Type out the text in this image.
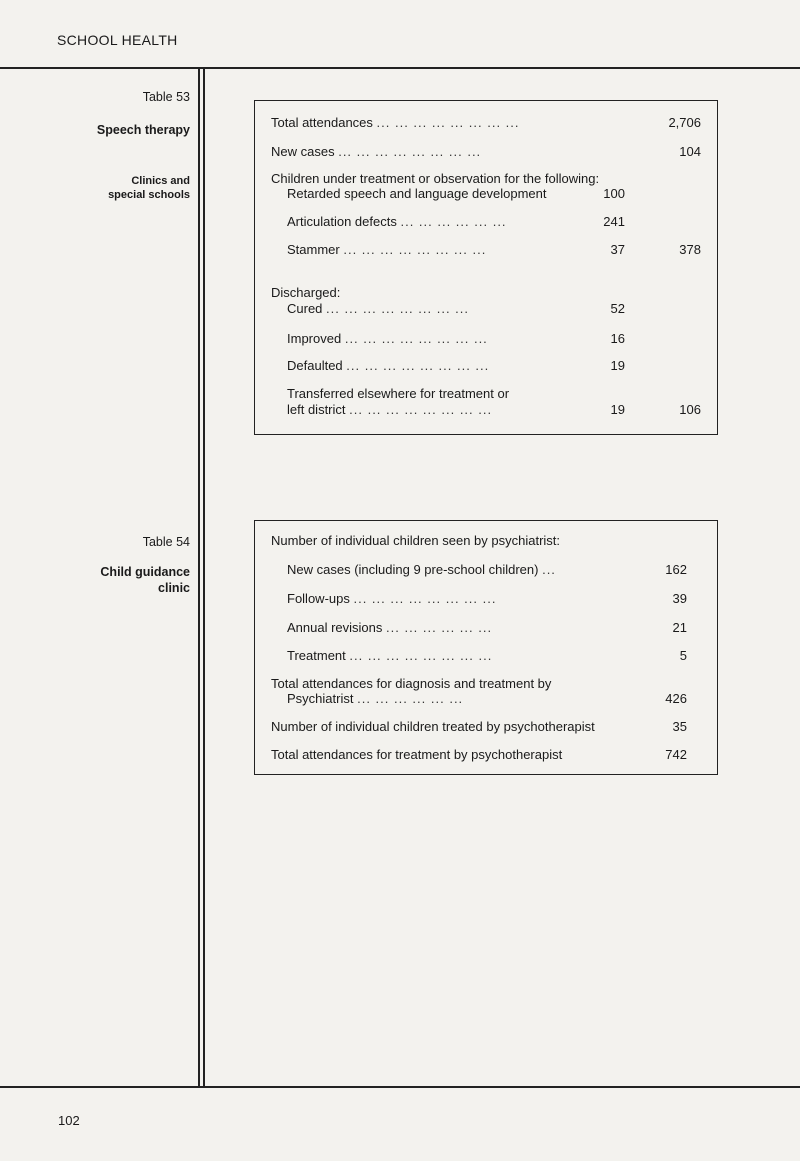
SCHOOL HEALTH
Table 53
Speech therapy
Clinics and
special schools
Total attendances ... ... ... ... ... ... ... ...	2,706
New cases ... ... ... ... ... ... ... ...	104
Children under treatment or observation for the following:
Retarded speech and language development	100
Articulation defects ... ... ... ... ... ...	241
Stammer ... ... ... ... ... ... ... ...	37	378
Discharged:
Cured ... ... ... ... ... ... ... ...	52
Improved ... ... ... ... ... ... ... ...	16
Defaulted ... ... ... ... ... ... ... ...	19
Transferred elsewhere for treatment or
left district ... ... ... ... ... ... ... ...	19	106
Table 54
Child guidance
clinic
Number of individual children seen by psychiatrist:
New cases (including 9 pre-school children) ...	162
Follow-ups ... ... ... ... ... ... ... ...	39
Annual revisions ... ... ... ... ... ...	21
Treatment ... ... ... ... ... ... ... ...	5
Total attendances for diagnosis and treatment by
Psychiatrist ... ... ... ... ... ...	426
Number of individual children treated by psychotherapist	35
Total attendances for treatment by psychotherapist	742
102
